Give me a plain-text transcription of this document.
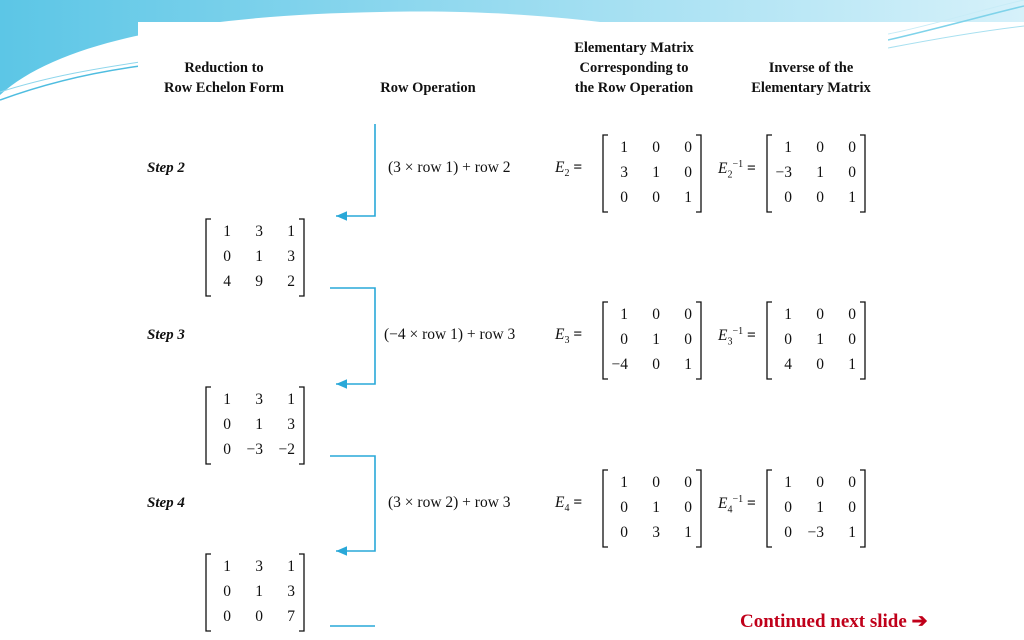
Reduction to
Row Echelon Form	Row Operation
Elementary Matrix
Corresponding to
the Row Operation
Inverse of the
Elementary Matrix
Step 2	(3 × row 1) + row 2	$E_2$ =
1	0	0
3	1	0
0	0	1
$E_2^{-1}$ =
1	0	0
−3	1	0
0	0	1
1	3	1
0	1	3
4	9	2
Step 3	(−4 × row 1) + row 3	$E_3$ =
1	0	0
0	1	0
−4	0	1
$E_3^{-1}$ =
1	0	0
0	1	0
4	0	1
1	3	1
0	1	3
0	−3	−2
Step 4	(3 × row 2) + row 3	$E_4$ =
1	0	0
0	1	0
0	3	1
$E_4^{-1}$ =
1	0	0
0	1	0
0	−3	1
1	3	1
0	1	3
0	0	7	Continued next slide ➔
